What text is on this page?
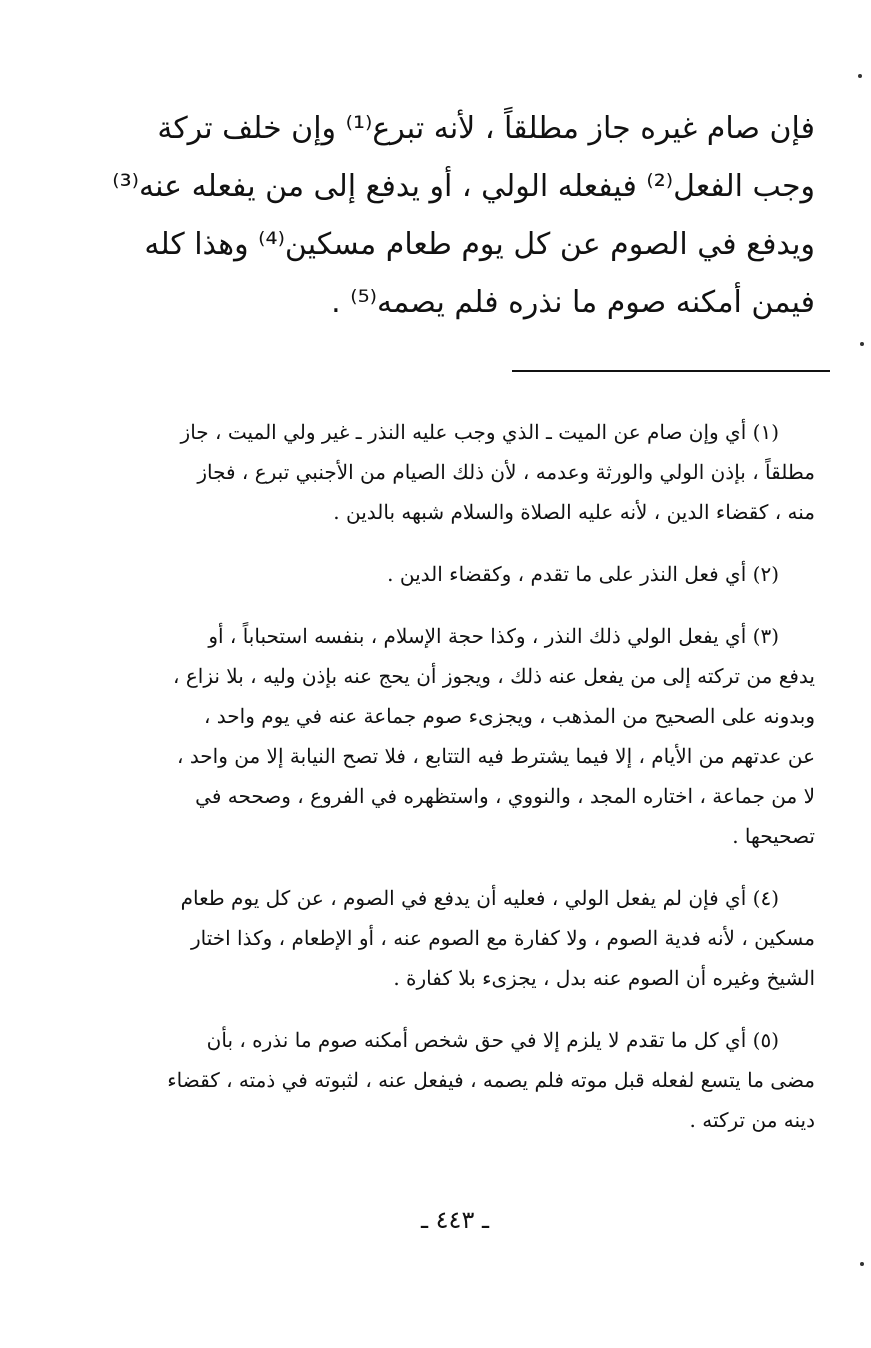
فإن صام غيره جاز مطلقاً ، لأنه تبرع⁽¹⁾ وإن خلف تركة
وجب الفعل⁽²⁾ فيفعله الولي ، أو يدفع إلى من يفعله عنه⁽³⁾
ويدفع في الصوم عن كل يوم طعام مسكين⁽⁴⁾ وهذا كله
فيمن أمكنه صوم ما نذره فلم يصمه⁽⁵⁾ .
(١) أي وإن صام عن الميت ـ الذي وجب عليه النذر ـ غير ولي الميت ، جاز
مطلقاً ، بإذن الولي والورثة وعدمه ، لأن ذلك الصيام من الأجنبي تبرع ، فجاز
منه ، كقضاء الدين ، لأنه عليه الصلاة والسلام شبهه بالدين .
(٢) أي فعل النذر على ما تقدم ، وكقضاء الدين .
(٣) أي يفعل الولي ذلك النذر ، وكذا حجة الإسلام ، بنفسه استحباباً ، أو
يدفع من تركته إلى من يفعل عنه ذلك ، ويجوز أن يحج عنه بإذن وليه ، بلا نزاع ،
وبدونه على الصحيح من المذهب ، ويجزىء صوم جماعة عنه في يوم واحد ،
عن عدتهم من الأيام ، إلا فيما يشترط فيه التتابع ، فلا تصح النيابة إلا من واحد ،
لا من جماعة ، اختاره المجد ، والنووي ، واستظهره في الفروع ، وصححه في
تصحيحها .
(٤) أي فإن لم يفعل الولي ، فعليه أن يدفع في الصوم ، عن كل يوم طعام
مسكين ، لأنه فدية الصوم ، ولا كفارة مع الصوم عنه ، أو الإطعام ، وكذا اختار
الشيخ وغيره أن الصوم عنه بدل ، يجزىء بلا كفارة .
(٥) أي كل ما تقدم لا يلزم إلا في حق شخص أمكنه صوم ما نذره ، بأن
مضى ما يتسع لفعله قبل موته فلم يصمه ، فيفعل عنه ، لثبوته في ذمته ، كقضاء
دينه من تركته .
ـ ٤٤٣ ـ
